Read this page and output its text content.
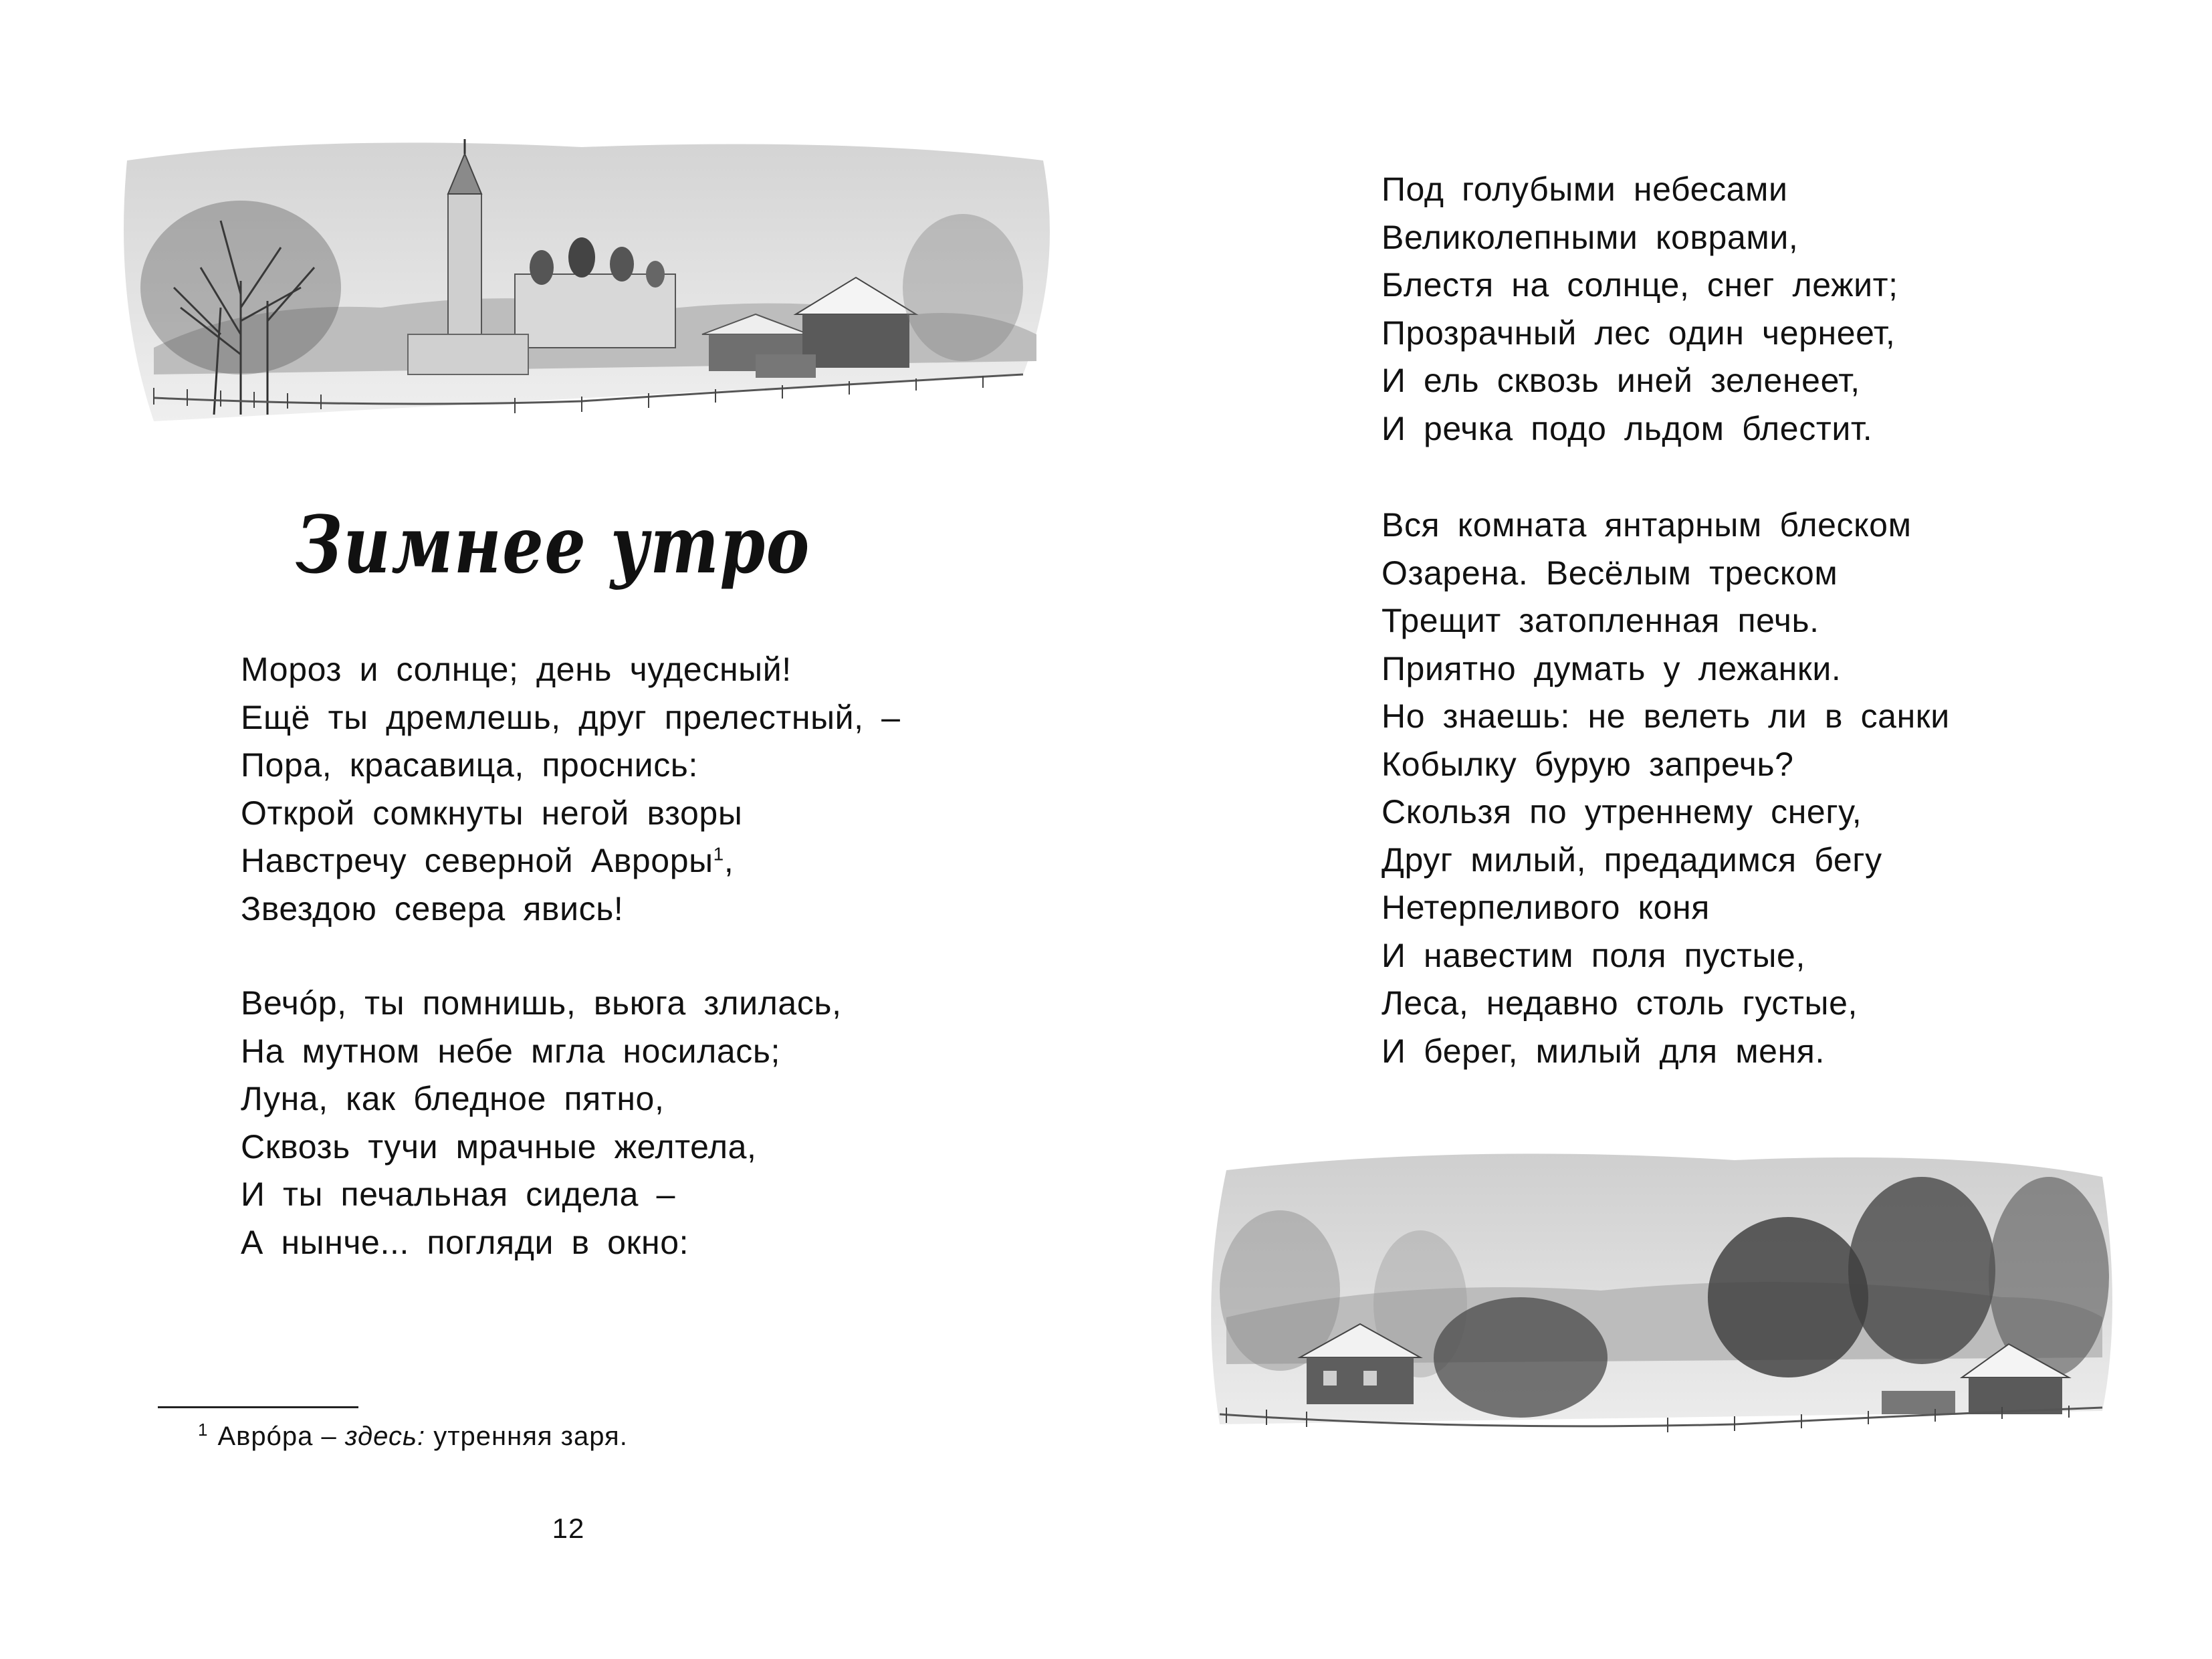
Зимнее утро
Мороз и солнце; день чудесный!
Ещё ты дремлешь, друг прелестный, –
Пора, красавица, проснись:
Открой сомкнуты негой взоры
Навстречу северной Авроры$^1$,
Звездою севера явись!
Вечóр, ты помнишь, вьюга злилась,
На мутном небе мгла носилась;
Луна, как бледное пятно,
Сквозь тучи мрачные желтела,
И ты печальная сидела –
А нынче... погляди в окно:
$^1$ Аврóра – здесь: утренняя заря.
12
Под голубыми небесами
Великолепными коврами,
Блестя на солнце, снег лежит;
Прозрачный лес один чернеет,
И ель сквозь иней зеленеет,
И речка подо льдом блестит.
Вся комната янтарным блеском
Озарена. Весёлым треском
Трещит затопленная печь.
Приятно думать у лежанки.
Но знаешь: не велеть ли в санки
Кобылку бурую запречь?
Скользя по утреннему снегу,
Друг милый, предадимся бегу
Нетерпеливого коня
И навестим поля пустые,
Леса, недавно столь густые,
И берег, милый для меня.
